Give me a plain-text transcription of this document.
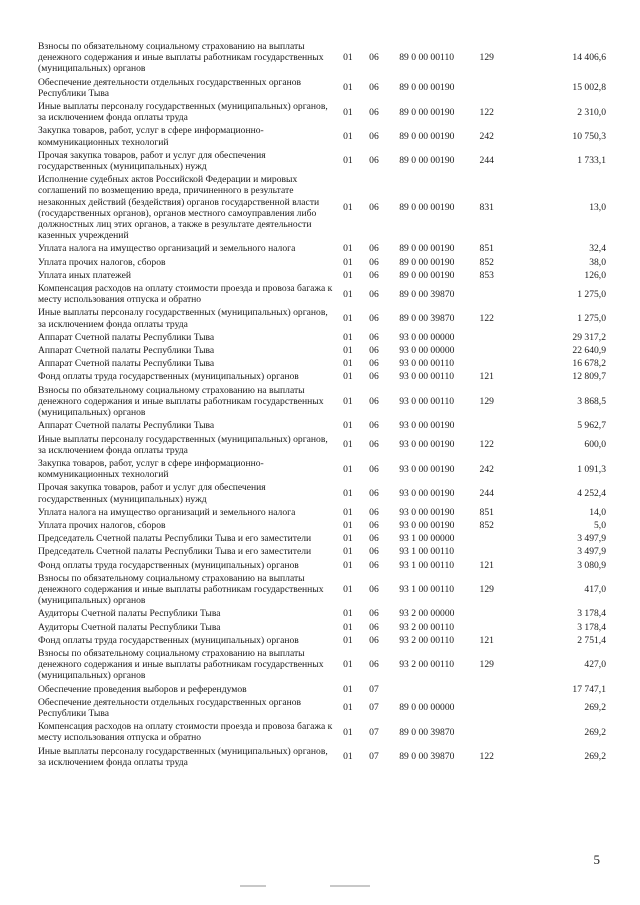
Взносы по обязательному социальному страхованию на выплаты денежного содержания и иные выплаты работникам государственных (муниципальных) органов	01	06	89 0 00 00110	129	14 406,6
Обеспечение деятельности отдельных государственных органов Республики Тыва	01	06	89 0 00 00190		15 002,8
Иные выплаты персоналу государственных (муниципальных) органов, за исключением фонда оплаты труда	01	06	89 0 00 00190	122	2 310,0
Закупка товаров, работ, услуг в сфере информационно-коммуникационных технологий	01	06	89 0 00 00190	242	10 750,3
Прочая закупка товаров, работ и услуг для обеспечения государственных (муниципальных) нужд	01	06	89 0 00 00190	244	1 733,1
Исполнение судебных актов Российской Федерации и мировых соглашений по возмещению вреда, причиненного в результате незаконных действий (бездействия) органов государственной власти (государственных органов), органов местного самоуправления либо должностных лиц этих органов, а также в результате деятельности казенных учреждений	01	06	89 0 00 00190	831	13,0
Уплата налога на имущество организаций и земельного налога	01	06	89 0 00 00190	851	32,4
Уплата прочих налогов, сборов	01	06	89 0 00 00190	852	38,0
Уплата иных платежей	01	06	89 0 00 00190	853	126,0
Компенсация расходов на оплату стоимости проезда и провоза багажа к месту использования отпуска и обратно	01	06	89 0 00 39870		1 275,0
Иные выплаты персоналу государственных (муниципальных) органов, за исключением фонда оплаты труда	01	06	89 0 00 39870	122	1 275,0
Аппарат Счетной палаты Республики Тыва	01	06	93 0 00 00000		29 317,2
Аппарат Счетной палаты Республики Тыва	01	06	93 0 00 00000		22 640,9
Аппарат Счетной палаты Республики Тыва	01	06	93 0 00 00110		16 678,2
Фонд оплаты труда государственных (муниципальных) органов	01	06	93 0 00 00110	121	12 809,7
Взносы по обязательному социальному страхованию на выплаты денежного содержания и иные выплаты работникам государственных (муниципальных) органов	01	06	93 0 00 00110	129	3 868,5
Аппарат Счетной палаты Республики Тыва	01	06	93 0 00 00190		5 962,7
Иные выплаты персоналу государственных (муниципальных) органов, за исключением фонда оплаты труда	01	06	93 0 00 00190	122	600,0
Закупка товаров, работ, услуг в сфере информационно-коммуникационных технологий	01	06	93 0 00 00190	242	1 091,3
Прочая закупка товаров, работ и услуг для обеспечения государственных (муниципальных) нужд	01	06	93 0 00 00190	244	4 252,4
Уплата налога на имущество организаций и земельного налога	01	06	93 0 00 00190	851	14,0
Уплата прочих налогов, сборов	01	06	93 0 00 00190	852	5,0
Председатель Счетной палаты Республики Тыва и его заместители	01	06	93 1 00 00000		3 497,9
Председатель Счетной палаты Республики Тыва и его заместители	01	06	93 1 00 00110		3 497,9
Фонд оплаты труда государственных (муниципальных) органов	01	06	93 1 00 00110	121	3 080,9
Взносы по обязательному социальному страхованию на выплаты денежного содержания и иные выплаты работникам государственных (муниципальных) органов	01	06	93 1 00 00110	129	417,0
Аудиторы Счетной палаты Республики Тыва	01	06	93 2 00 00000		3 178,4
Аудиторы Счетной палаты Республики Тыва	01	06	93 2 00 00110		3 178,4
Фонд оплаты труда государственных (муниципальных) органов	01	06	93 2 00 00110	121	2 751,4
Взносы по обязательному социальному страхованию на выплаты денежного содержания и иные выплаты работникам государственных (муниципальных) органов	01	06	93 2 00 00110	129	427,0
Обеспечение проведения выборов и референдумов	01	07			17 747,1
Обеспечение деятельности отдельных государственных органов Республики Тыва	01	07	89 0 00 00000		269,2
Компенсация расходов на оплату стоимости проезда и провоза багажа к месту использования отпуска и обратно	01	07	89 0 00 39870		269,2
Иные выплаты персоналу государственных (муниципальных) органов, за исключением фонда оплаты труда	01	07	89 0 00 39870	122	269,2
5
